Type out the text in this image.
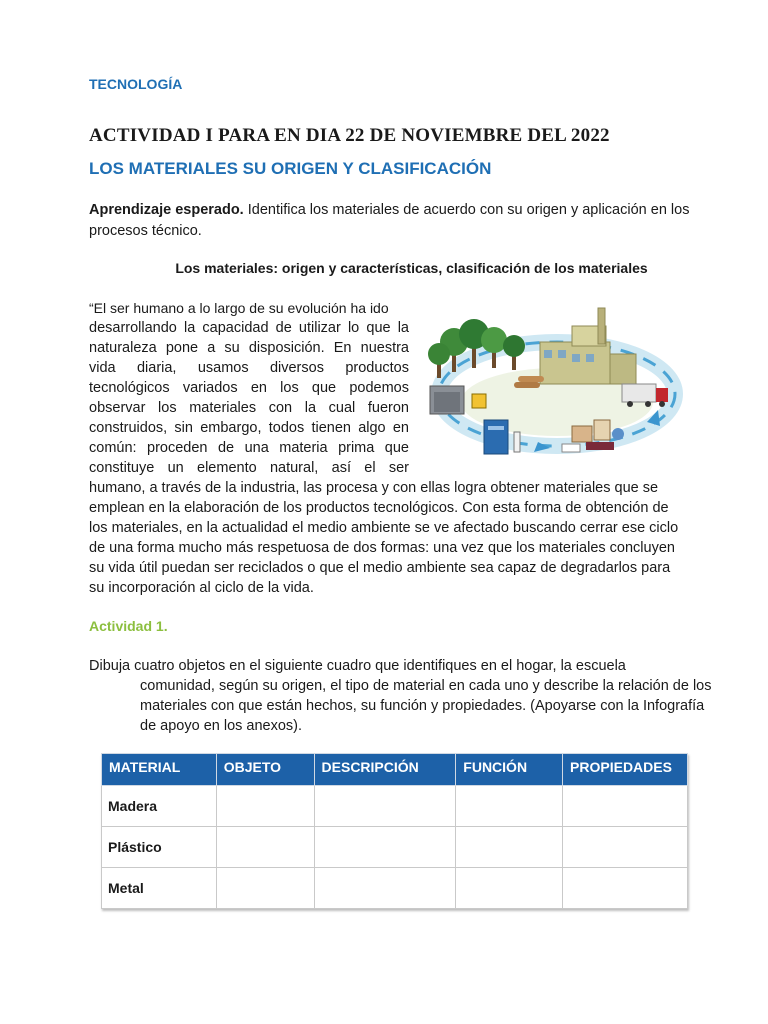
TECNOLOGÍA
ACTIVIDAD I PARA EN DIA 22 DE NOVIEMBRE DEL 2022
LOS MATERIALES SU ORIGEN Y CLASIFICACIÓN
Aprendizaje esperado. Identifica los materiales de acuerdo con su origen y aplicación en los procesos técnico.
Los materiales: origen y características, clasificación de los materiales
“El ser humano a lo largo de su evolución ha ido
desarrollando la capacidad de utilizar lo que la
naturaleza pone a su disposición. En nuestra
vida diaria, usamos diversos productos
tecnológicos variados en los que podemos
observar los materiales con la cual fueron
construidos, sin embargo, todos tienen algo en
común: proceden de una materia prima que
constituye un elemento natural, así el ser
humano, a través de la industria, las procesa y con ellas logra obtener materiales que se
emplean en la elaboración de los productos tecnológicos. Con esta forma de obtención de
los materiales, en la actualidad el medio ambiente se ve afectado buscando cerrar ese ciclo
de una forma mucho más respetuosa de dos formas: una vez que los materiales concluyen
su vida útil puedan ser reciclados o que el medio ambiente sea capaz de degradarlos para
su incorporación al ciclo de la vida.
Actividad 1.
Dibuja cuatro objetos en el siguiente cuadro que identifiques en el hogar, la escuela
comunidad, según su origen, el tipo de material en cada uno y describe la relación de los materiales con que están hechos, su función y propiedades. (Apoyarse con la Infografía de apoyo en los anexos).
MATERIAL	OBJETO	DESCRIPCIÓN	FUNCIÓN	PROPIEDADES
Madera				
Plástico				
Metal				
